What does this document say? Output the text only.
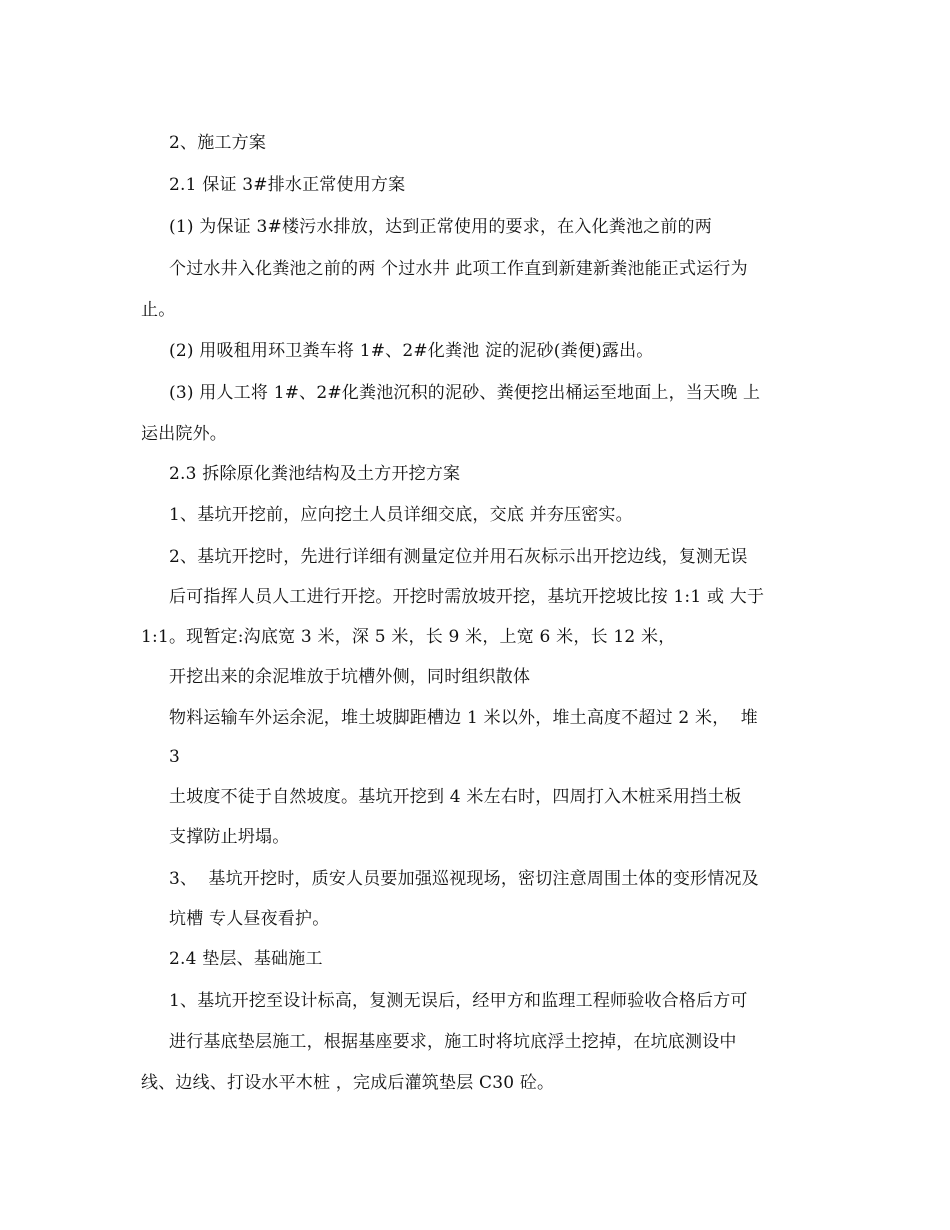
2、施工方案
2.1 保证 3#排水正常使用方案
(1) 为保证 3#楼污水排放，达到正常使用的要求，在入化粪池之前的两
个过水井入化粪池之前的两 个过水井 此项工作直到新建新粪池能正式运行为
止。
(2) 用吸租用环卫粪车将 1#、2#化粪池 淀的泥砂(粪便)露出。
(3) 用人工将 1#、2#化粪池沉积的泥砂、粪便挖出桶运至地面上，当天晚 上
运出院外。
2.3 拆除原化粪池结构及土方开挖方案
1、基坑开挖前，应向挖土人员详细交底，交底 并夯压密实。
2、基坑开挖时，先进行详细有测量定位并用石灰标示出开挖边线，复测无误
后可指挥人员人工进行开挖。开挖时需放坡开挖，基坑开挖坡比按 1:1 或 大于
1:1。现暂定:沟底宽 3 米，深 5 米，长 9 米，上宽 6 米，长 12 米，
开挖出来的余泥堆放于坑槽外侧，同时组织散体
物料运输车外运余泥，堆土坡脚距槽边 1 米以外，堆土高度不超过 2 米，  堆
3
土坡度不徒于自然坡度。基坑开挖到 4 米左右时，四周打入木桩采用挡土板
支撑防止坍塌。
3、  基坑开挖时，质安人员要加强巡视现场，密切注意周围土体的变形情况及
坑槽 专人昼夜看护。
2.4 垫层、基础施工
1、基坑开挖至设计标高，复测无误后，经甲方和监理工程师验收合格后方可
进行基底垫层施工，根据基座要求，施工时将坑底浮土挖掉，在坑底测设中
线、边线、打设水平木桩 ，完成后灌筑垫层 C30 砼。
